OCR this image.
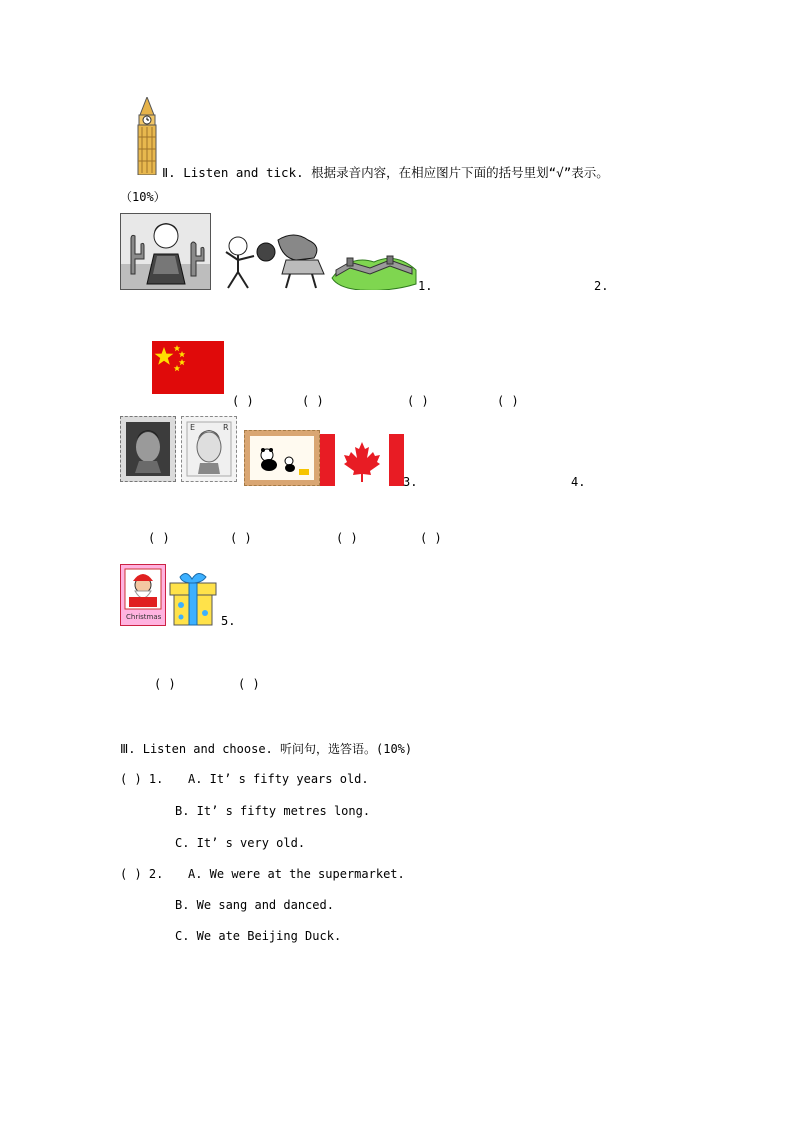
Ⅱ. Listen and tick. 根据录音内容，在相应图片下面的括号里划“√”表示。
（10%）
1.	2.
( )	( )	( )	( )
E	R
3.	4.
( )	( )	( )	( )
Christmas	5.
( )	( )
Ⅲ. Listen and choose. 听问句，选答语。(10%)
( ) 1. A. It’ s fifty years old.
B. It’ s fifty metres long.
C. It’ s very old.
( ) 2. A. We were at the supermarket.
B. We sang and danced.
C. We ate Beijing Duck.
